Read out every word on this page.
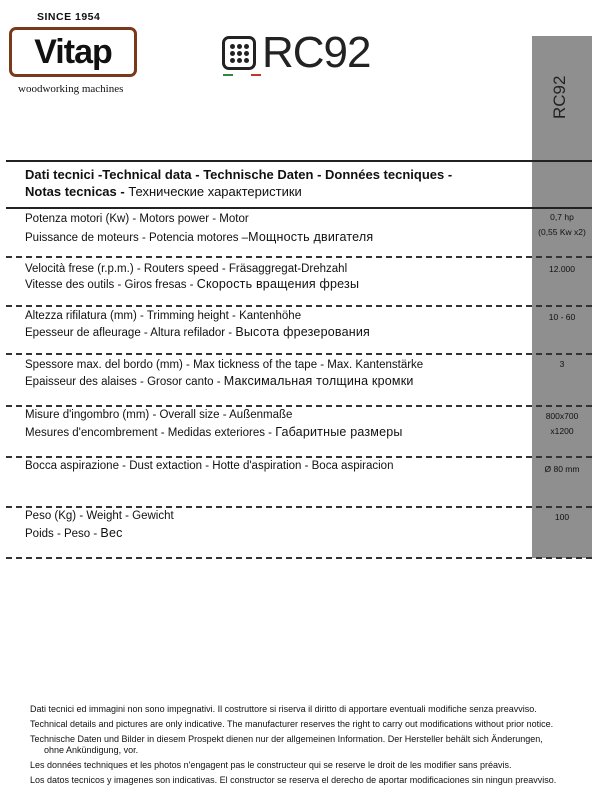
SINCE 1954
Vitap
woodworking machines
RC92
RC92
Dati tecnici -Technical data - Technische Daten - Données tecniques -
Notas tecnicas - Технические характеристики
Potenza motori (Kw) - Motors power - Motor
Puissance de moteurs - Potencia motores –Мощность двигателя
0,7 hp
(0,55 Kw x2)
Velocità frese (r.p.m.) - Routers speed - Fräsaggregat-Drehzahl
Vitesse des outils - Giros fresas - Скорость вращения фрезы
12.000
Altezza rifilatura (mm) - Trimming height - Kantenhöhe
Epesseur de afleurage - Altura refilador - Высота фрезерования
10 - 60
Spessore max. del bordo (mm) - Max tickness of the tape - Max. Kantenstärke
Epaisseur des alaises - Grosor canto - Максимальная толщина кромки
3
Misure d'ingombro (mm) - Overall size - Außenmaße
Mesures d'encombrement - Medidas exteriores - Габаритные размеры
800x700
x1200
Bocca aspirazione - Dust extaction - Hotte d'aspiration - Boca aspiracion	Ø 80 mm
Peso (Kg) - Weight - Gewicht
Poids - Peso - Вес
100
Dati tecnici ed immagini non sono impegnativi. Il costruttore si riserva il diritto di apportare eventuali modifiche senza preavviso.
Technical details and pictures are only indicative. The manufacturer reserves the right to carry out modifications without prior notice.
Technische Daten und Bilder in diesem Prospekt dienen nur der allgemeinen Information. Der Hersteller behält sich Änderungen,
ohne Ankündigung, vor.
Les données techniques et les photos n'engagent pas le constructeur qui se reserve le droit de les modifier sans préavis.
Los datos tecnicos y imagenes son indicativas. El constructor se reserva el derecho de aportar modificaciones sin ningun preavviso.
